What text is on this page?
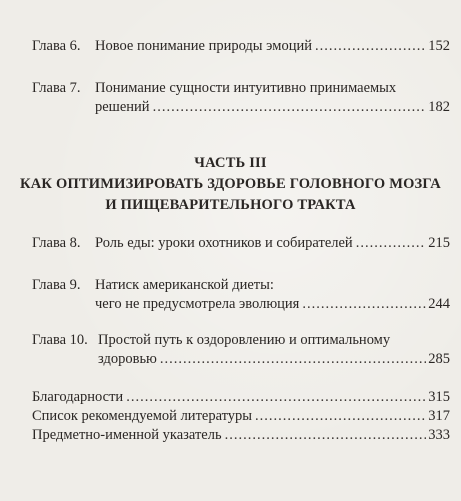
Глава 6. Новое понимание природы эмоций .....	152
Глава 7. Понимание сущности интуитивно принимаемых
решений .....	182
ЧАСТЬ III
КАК ОПТИМИЗИРОВАТЬ ЗДОРОВЬЕ ГОЛОВНОГО МОЗГА
И ПИЩЕВАРИТЕЛЬНОГО ТРАКТА
Глава 8. Роль еды: уроки охотников и собирателей .....	215
Глава 9. Натиск американской диеты:
чего не предусмотрела эволюция .....	244
Глава 10. Простой путь к оздоровлению и оптимальному
здоровью .....	285
Благодарности .....	315
Список рекомендуемой литературы .....	317
Предметно-именной указатель .....	333
